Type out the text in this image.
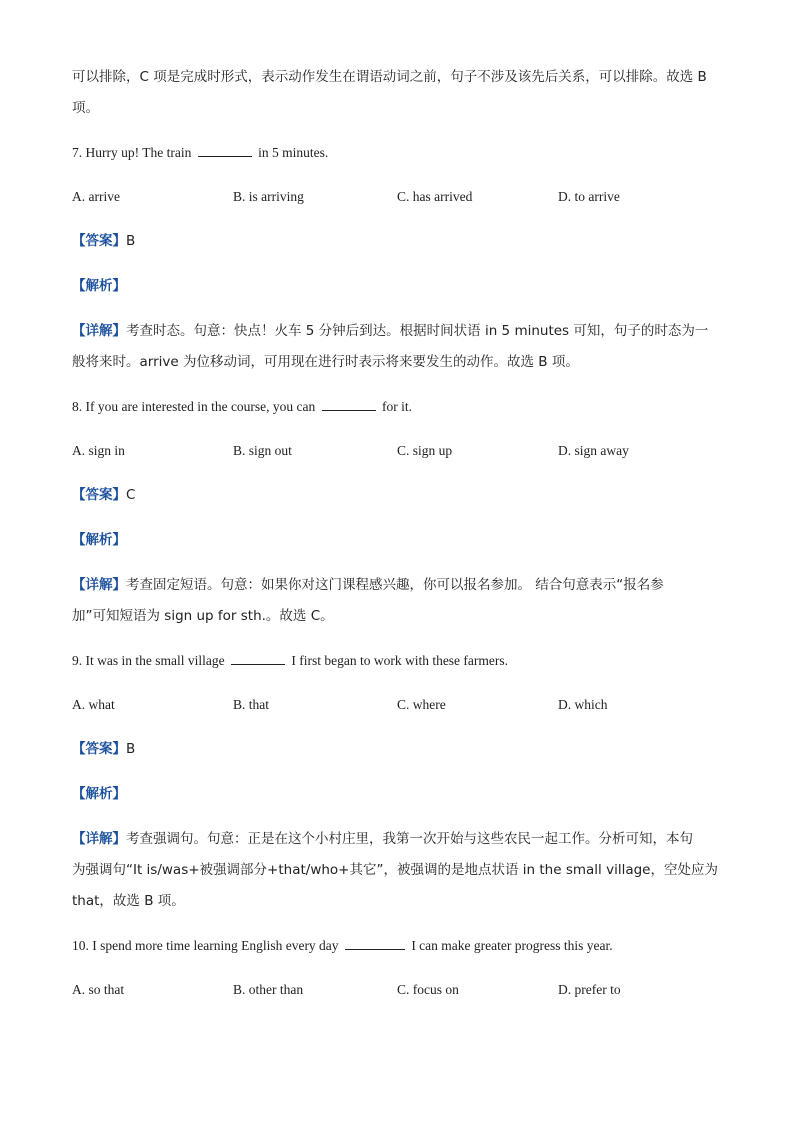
可以排除，C 项是完成时形式，表示动作发生在谓语动词之前，句子不涉及该先后关系，可以排除。故选 B
项。
7. Hurry up! The train	in 5 minutes.
A. arrive	B. is arriving	C. has arrived	D. to arrive
【答案】B
【解析】
【详解】考查时态。句意：快点！火车 5 分钟后到达。根据时间状语 in 5 minutes 可知，句子的时态为一
般将来时。arrive 为位移动词，可用现在进行时表示将来要发生的动作。故选 B 项。
8. If you are interested in the course, you can	for it.
A. sign in	B. sign out	C. sign up	D. sign away
【答案】C
【解析】
【详解】考查固定短语。句意：如果你对这门课程感兴趣，你可以报名参加。 结合句意表示“报名参
加”可知短语为 sign up for sth.。故选 C。
9. It was in the small village	I first began to work with these farmers.
A. what	B. that	C. where	D. which
【答案】B
【解析】
【详解】考查强调句。句意：正是在这个小村庄里，我第一次开始与这些农民一起工作。分析可知，本句
为强调句“It is/was+被强调部分+that/who+其它”，被强调的是地点状语 in the small village，空处应为
that，故选 B 项。
10. I spend more time learning English every day	I can make greater progress this year.
A. so that	B. other than	C. focus on	D. prefer to
